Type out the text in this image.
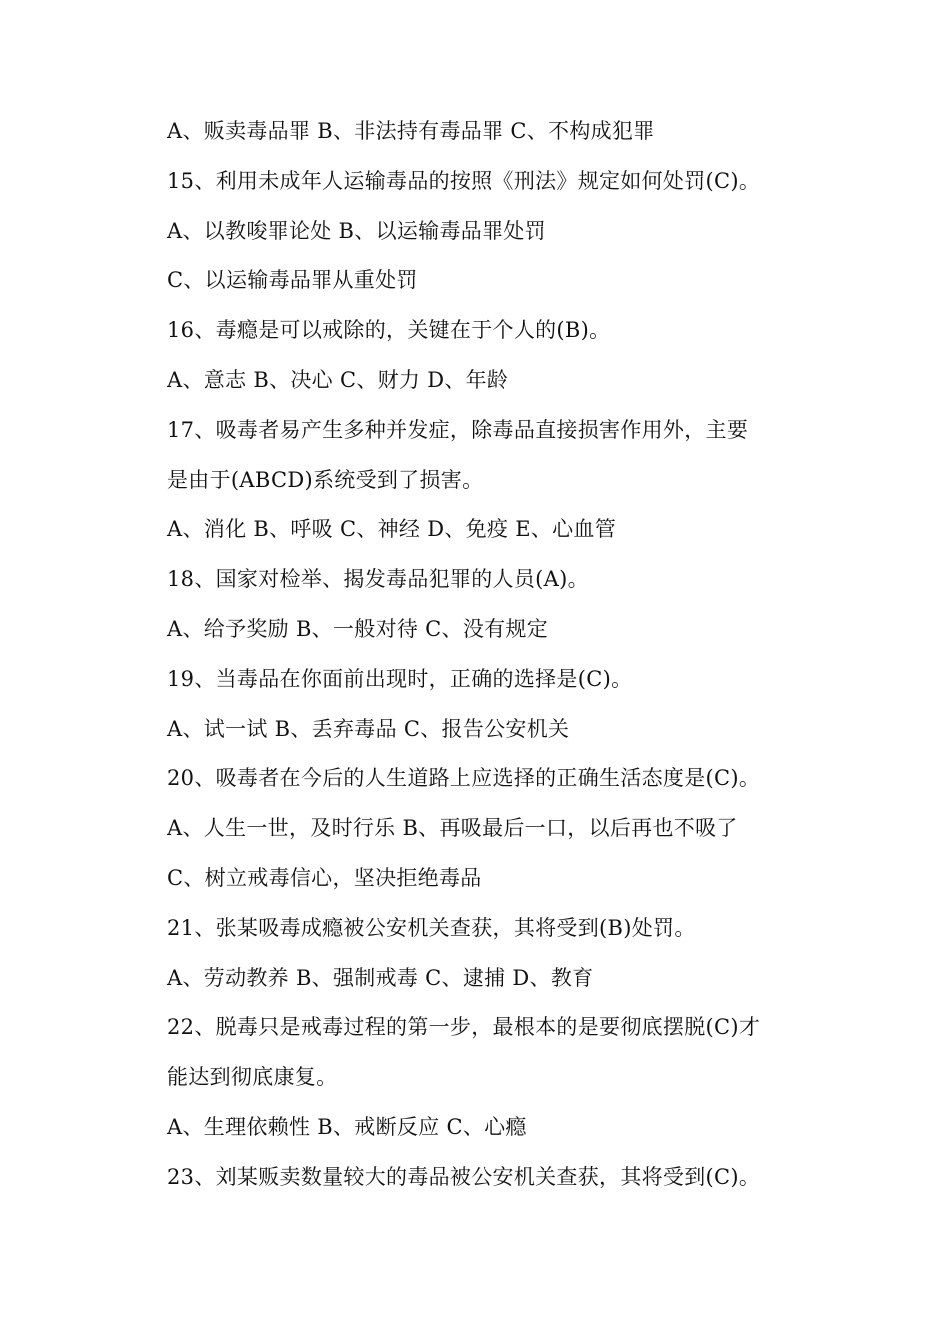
A、贩卖毒品罪 B、非法持有毒品罪 C、不构成犯罪
15、利用未成年人运输毒品的按照《刑法》规定如何处罚(C)。
A、以教唆罪论处 B、以运输毒品罪处罚
C、以运输毒品罪从重处罚
16、毒瘾是可以戒除的，关键在于个人的(B)。
A、意志 B、决心 C、财力 D、年龄
17、吸毒者易产生多种并发症，除毒品直接损害作用外，主要
是由于(ABCD)系统受到了损害。
A、消化 B、呼吸 C、神经 D、免疫 E、心血管
18、国家对检举、揭发毒品犯罪的人员(A)。
A、给予奖励 B、一般对待 C、没有规定
19、当毒品在你面前出现时，正确的选择是(C)。
A、试一试 B、丢弃毒品 C、报告公安机关
20、吸毒者在今后的人生道路上应选择的正确生活态度是(C)。
A、人生一世，及时行乐 B、再吸最后一口，以后再也不吸了
C、树立戒毒信心，坚决拒绝毒品
21、张某吸毒成瘾被公安机关查获，其将受到(B)处罚。
A、劳动教养 B、强制戒毒 C、逮捕 D、教育
22、脱毒只是戒毒过程的第一步，最根本的是要彻底摆脱(C)才
能达到彻底康复。
A、生理依赖性 B、戒断反应 C、心瘾
23、刘某贩卖数量较大的毒品被公安机关查获，其将受到(C)。
